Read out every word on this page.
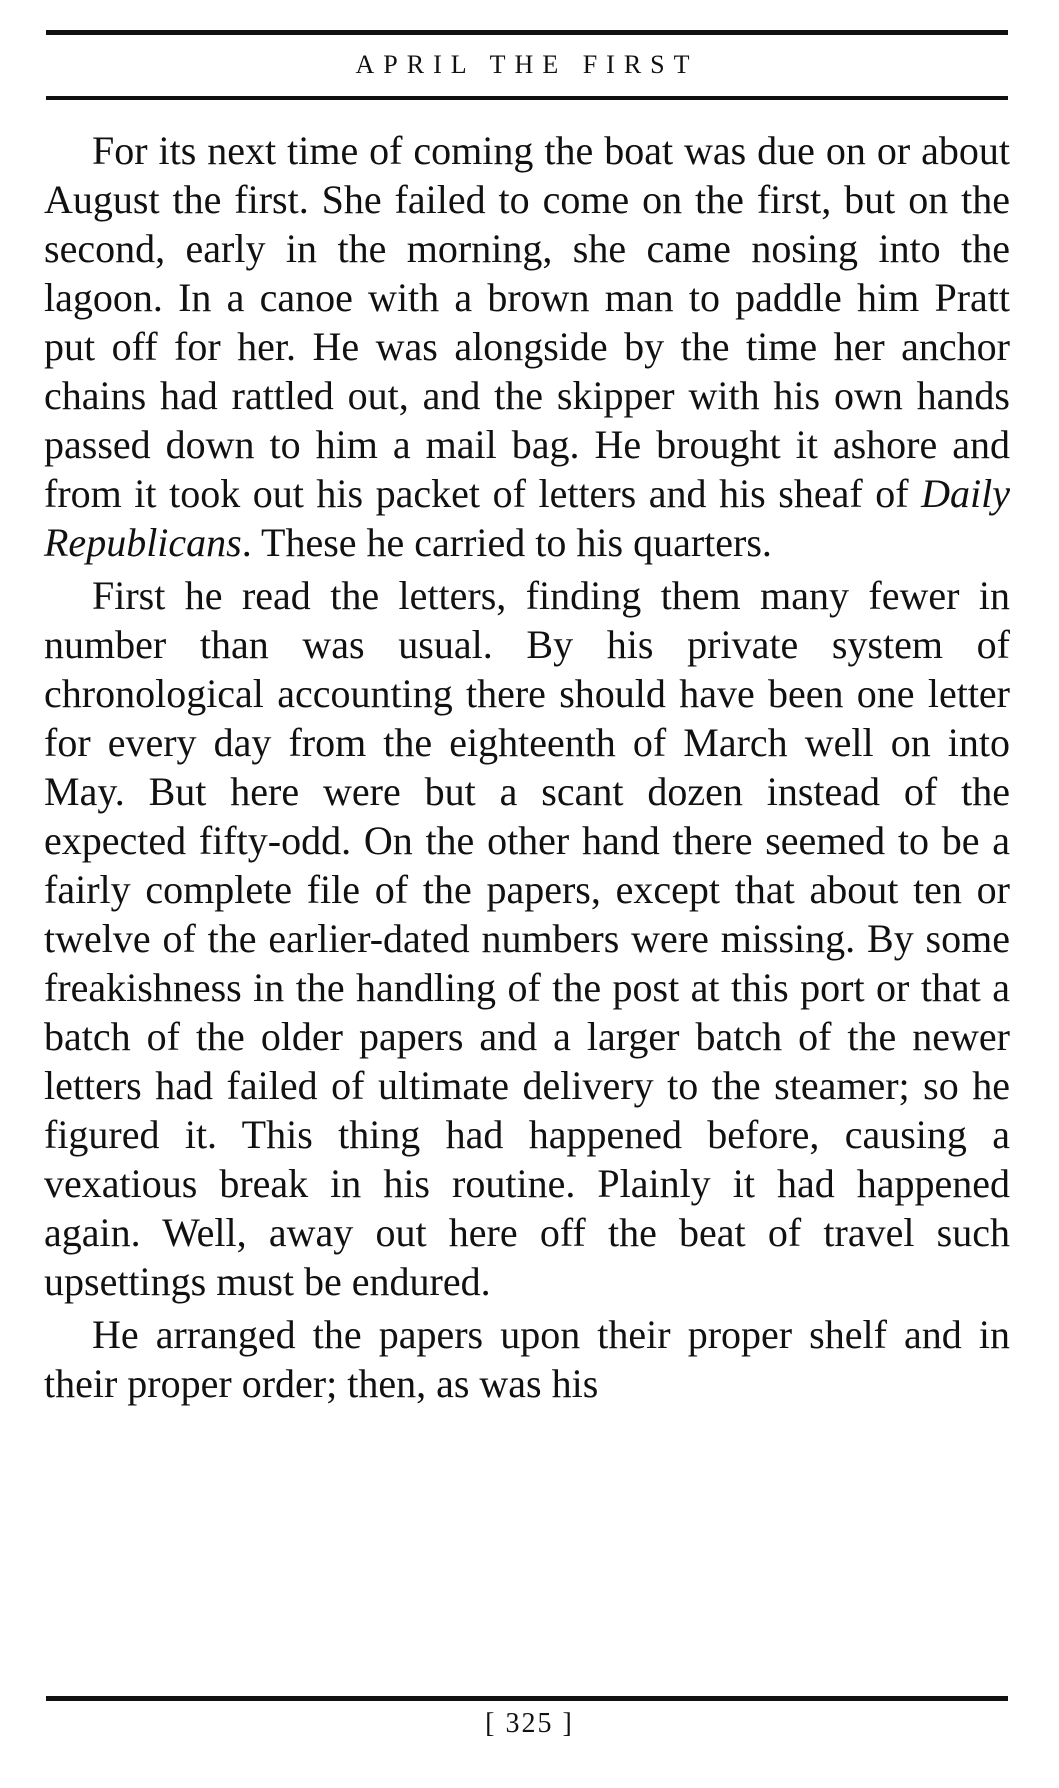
APRIL THE FIRST

For its next time of coming the boat was due on or about August the first. She failed to come on the first, but on the second, early in the morning, she came nosing into the lagoon. In a canoe with a brown man to paddle him Pratt put off for her. He was alongside by the time her anchor chains had rattled out, and the skipper with his own hands passed down to him a mail bag. He brought it ashore and from it took out his packet of letters and his sheaf of Daily Republicans. These he carried to his quarters.

First he read the letters, finding them many fewer in number than was usual. By his private system of chronological accounting there should have been one letter for every day from the eighteenth of March well on into May. But here were but a scant dozen instead of the expected fifty-odd. On the other hand there seemed to be a fairly complete file of the papers, except that about ten or twelve of the earlier-dated numbers were missing. By some freakishness in the handling of the post at this port or that a batch of the older papers and a larger batch of the newer letters had failed of ultimate delivery to the steamer; so he figured it. This thing had happened before, causing a vexatious break in his routine. Plainly it had happened again. Well, away out here off the beat of travel such upsettings must be endured.

He arranged the papers upon their proper shelf and in their proper order; then, as was his

[ 325 ]
